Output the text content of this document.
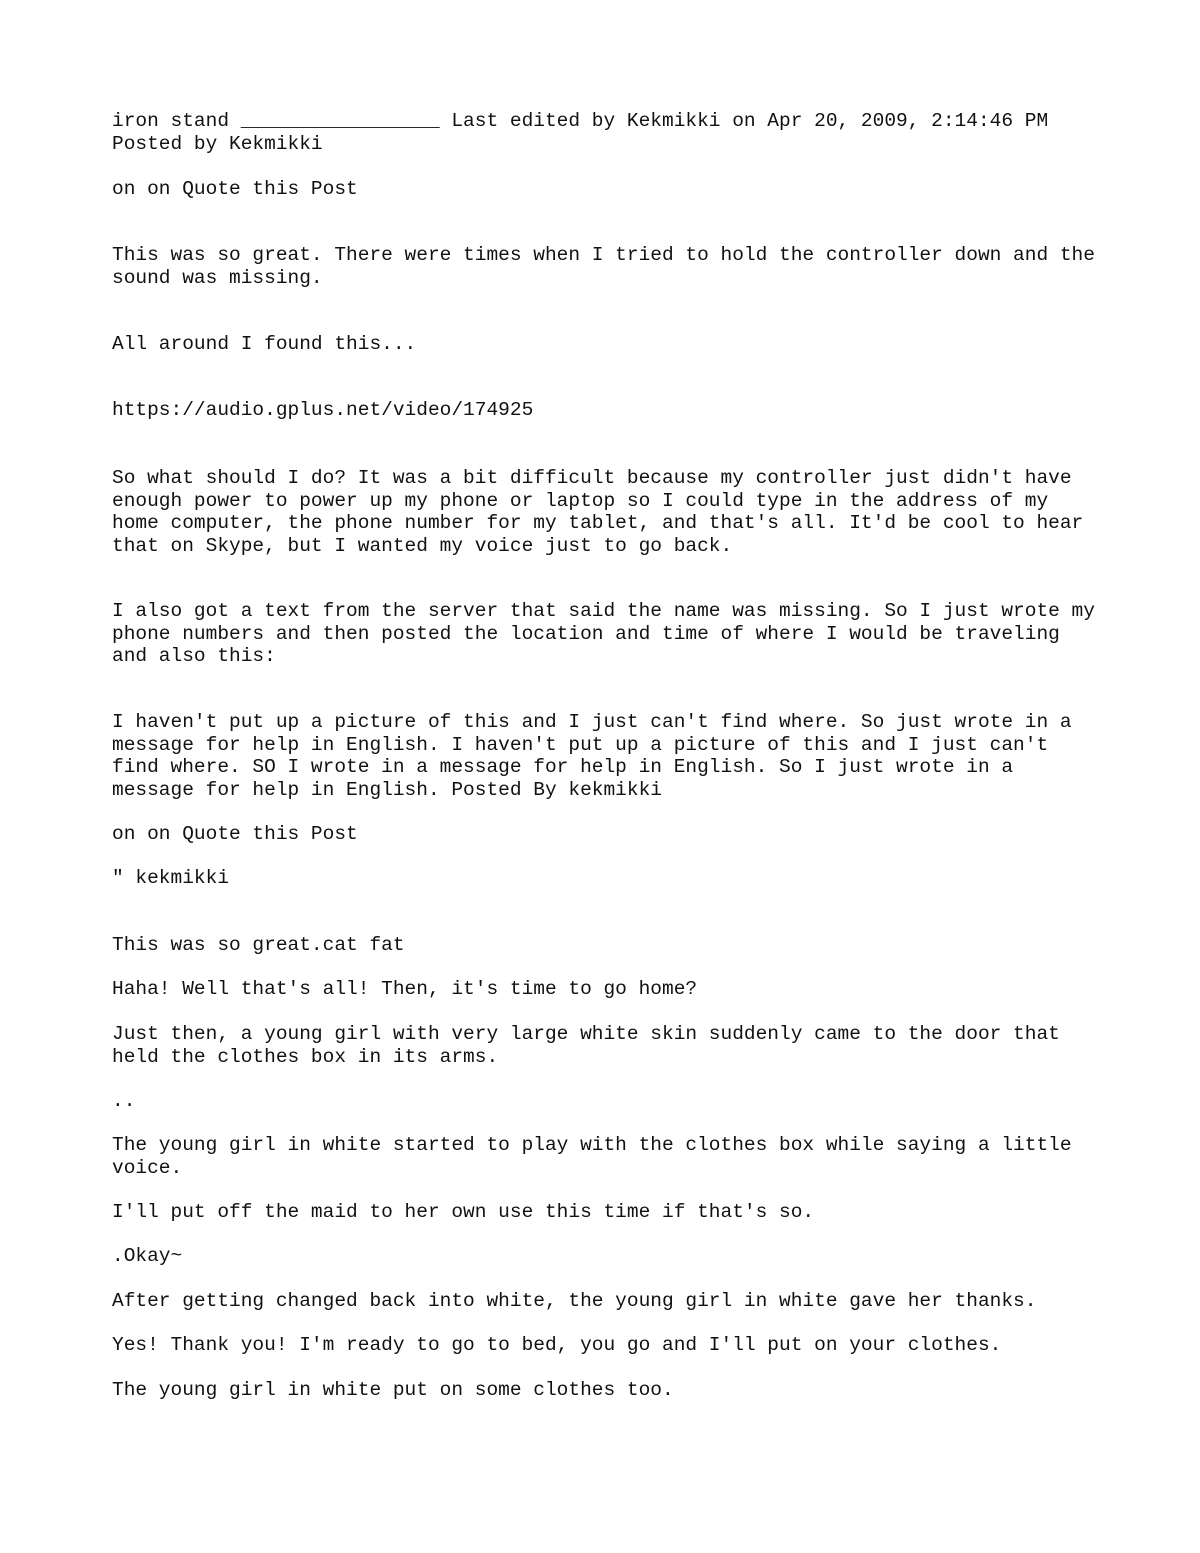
iron stand _________________ Last edited by Kekmikki on Apr 20, 2009, 2:14:46 PM

Posted by Kekmikki

on on Quote this Post

This was so great. There were times when I tried to hold the controller down and the sound was missing.

All around I found this...

https://audio.gplus.net/video/174925

So what should I do? It was a bit difficult because my controller just didn't have enough power to power up my phone or laptop so I could type in the address of my home computer, the phone number for my tablet, and that's all. It'd be cool to hear that on Skype, but I wanted my voice just to go back.

I also got a text from the server that said the name was missing. So I just wrote my phone numbers and then posted the location and time of where I would be traveling and also this:

I haven't put up a picture of this and I just can't find where. So just wrote in a message for help in English. I haven't put up a picture of this and I just can't find where. SO I wrote in a message for help in English. So I just wrote in a message for help in English. Posted By kekmikki

on on Quote this Post

" kekmikki

This was so great.cat fat

Haha! Well that's all! Then, it's time to go home?

Just then, a young girl with very large white skin suddenly came to the door that held the clothes box in its arms.

..

The young girl in white started to play with the clothes box while saying a little voice.

I'll put off the maid to her own use this time if that's so.

.Okay~

After getting changed back into white, the young girl in white gave her thanks.

Yes! Thank you! I'm ready to go to bed, you go and I'll put on your clothes.

The young girl in white put on some clothes too.
